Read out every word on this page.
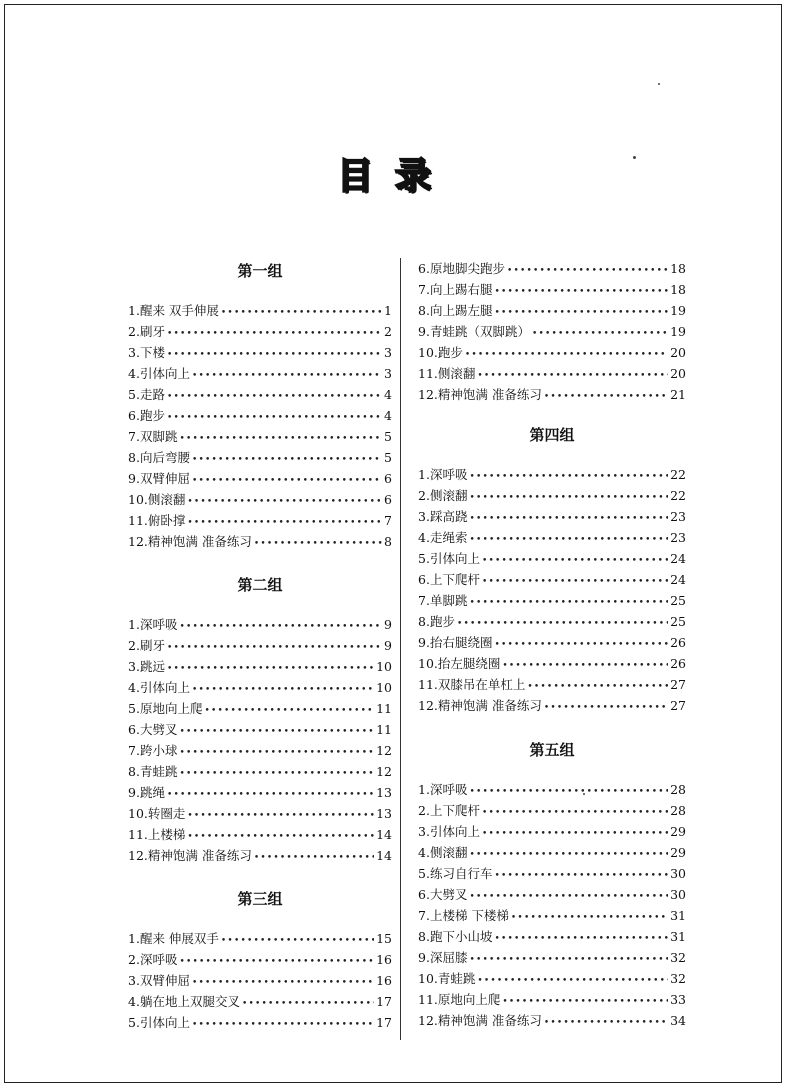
目录
第一组
1. 醒来 双手伸展 •••••	1
2. 刷牙 •••••	2
3. 下楼 •••••	3
4. 引体向上 •••••	3
5. 走路 •••••	4
6. 跑步 •••••	4
7. 双脚跳 •••••	5
8. 向后弯腰 •••••	5
9. 双臂伸屈 •••••	6
10. 侧滚翻 •••••	6
11. 俯卧撑 •••••	7
12. 精神饱满 准备练习 •••••	8
第二组
1. 深呼吸 •••••	9
2. 刷牙 •••••	9
3. 跳远 •••••	10
4. 引体向上 •••••	10
5. 原地向上爬 •••••	11
6. 大劈叉 •••••	11
7. 跨小球 •••••	12
8. 青蛙跳 •••••	12
9. 跳绳 •••••	13
10. 转圈走 •••••	13
11. 上楼梯 •••••	14
12. 精神饱满 准备练习 •••••	14
第三组
1. 醒来 伸展双手 •••••	15
2. 深呼吸 •••••	16
3. 双臂伸屈 •••••	16
4. 躺在地上双腿交叉 •••••	17
5. 引体向上 •••••	17
6. 原地脚尖跑步 •••••	18
7. 向上踢右腿 •••••	18
8. 向上踢左腿 •••••	19
9. 青蛙跳（双脚跳） •••••	19
10. 跑步 •••••	20
11. 侧滚翻 •••••	20
12. 精神饱满 准备练习 •••••	21
第四组
1. 深呼吸 •••••	22
2. 侧滚翻 •••••	22
3. 踩高跷 •••••	23
4. 走绳索 •••••	23
5. 引体向上 •••••	24
6. 上下爬杆 •••••	24
7. 单脚跳 •••••	25
8. 跑步 •••••	25
9. 抬右腿绕圈 •••••	26
10. 抬左腿绕圈 •••••	26
11. 双膝吊在单杠上 •••••	27
12. 精神饱满 准备练习 •••••	27
第五组
1. 深呼吸 •••••	28
2. 上下爬杆 •••••	28
3. 引体向上 •••••	29
4. 侧滚翻 •••••	29
5. 练习自行车 •••••	30
6. 大劈叉 •••••	30
7. 上楼梯 下楼梯 •••••	31
8. 跑下小山坡 •••••	31
9. 深屈膝 •••••	32
10. 青蛙跳 •••••	32
11. 原地向上爬 •••••	33
12. 精神饱满 准备练习 •••••	34
